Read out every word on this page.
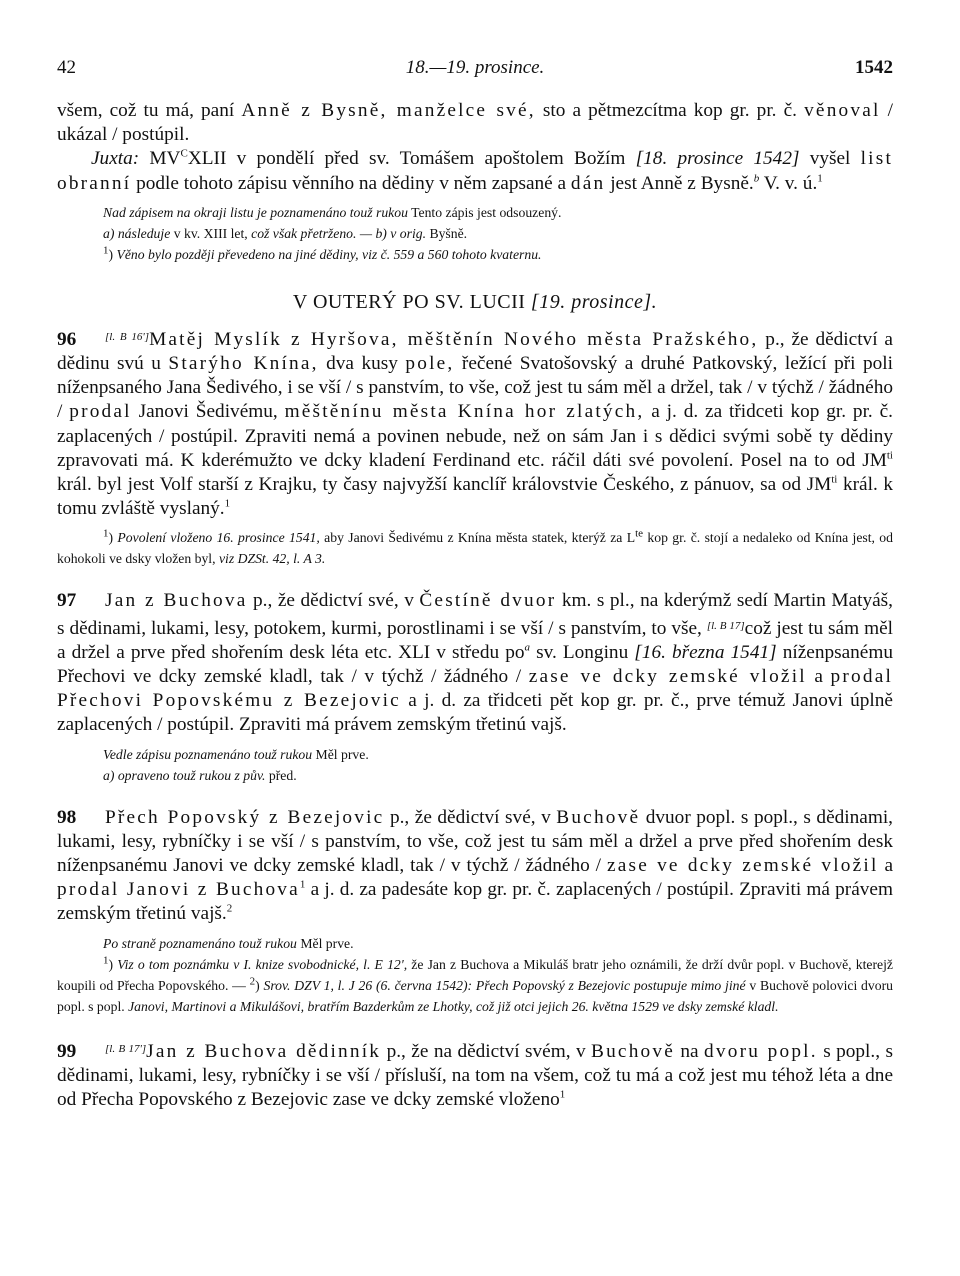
42	18.—19. prosince.	1542

všem, což tu má, paní Anně z Bysně, manželce své, sto a pětmezcítma kop gr. pr. č. věnoval / ukázal / postúpil.

Juxta: $MV^CXLII$ v pondělí před sv. Tomášem apoštolem Božím [18. prosince 1542] vyšel list obranní podle tohoto zápisu věnního na dědiny v něm zapsané a dán jest Anně z Bysně.$^b$ V. v. ú.$^1$

Nad zápisem na okraji listu je poznamenáno touž rukou Tento zápis jest odsouzený.

a) následuje v kv. XIII let, což však přetrženo. — b) v orig. Byšně.

$^1$) Věno bylo později převedeno na jiné dědiny, viz č. 559 a 560 tohoto kvaternu.

V OUTERÝ PO SV. LUCII [19. prosince].

96	[l. B 16']Matěj Myslík z Hyršova, měštěnín Nového města Pražského, p., že dědictví a dědinu svú u Starýho Knína, dva kusy pole, řečené Svatošovský a druhé Patkovský, ležící při poli níženpsaného Jana Šedivého, i se vší / s panstvím, to vše, což jest tu sám měl a držel, tak / v týchž / žádného / prodal Janovi Šedivému, měštěnínu města Knína hor zlatých, a j. d. za třidceti kop gr. pr. č. zaplacených / postúpil. Zpraviti nemá a povinen nebude, než on sám Jan i s dědici svými sobě ty dědiny zpravovati má. K kderémužto ve dcky kladení Ferdinand etc. ráčil dáti své povolení. Posel na to od $JM^{ti}$ král. byl jest Volf starší z Krajku, ty časy najvyžší kanclíř královstvie Českého, z pánuov, sa od $JM^{ti}$ král. k tomu zvláště vyslaný.$^1$

$^1$) Povolení vloženo 16. prosince 1541, aby Janovi Šedivému z Knína města statek, kterýž za $L^{te}$ kop gr. č. stojí a nedaleko od Knína jest, od kohokoli ve dsky vložen byl, viz DZSt. 42, l. A 3.

97 Jan z Buchova p., že dědictví své, v Čestíně dvuor km. s pl., na kderýmž sedí Martin Matyáš, s dědinami, lukami, lesy, potokem, kurmi, porostlinami i se vší / s panstvím, to vše, [l. B 17]což jest tu sám měl a držel a prve před shořením desk léta etc. XLI v středu $po^a$ sv. Longinu [16. března 1541] níženpsanému Přechovi ve dcky zemské kladl, tak / v týchž / žádného / zase ve dcky zemské vložil a prodal Přechovi Popovskému z Bezejovic a j. d. za třidceti pět kop gr. pr. č., prve témuž Janovi úplně zaplacených / postúpil. Zpraviti má právem zemským třetinú vajš.

Vedle zápisu poznamenáno touž rukou Měl prve.

a) opraveno touž rukou z pův. před.

98 Přech Popovský z Bezejovic p., že dědictví své, v Buchově dvuor popl. s popl., s dědinami, lukami, lesy, rybníčky i se vší / s panstvím, to vše, což jest tu sám měl a držel a prve před shořením desk níženpsanému Janovi ve dcky zemské kladl, tak / v týchž / žádného / zase ve dcky zemské vložil a prodal Janovi z Buchova$^1$ a j. d. za padesáte kop gr. pr. č. zaplacených / postúpil. Zpraviti má právem zemským třetinú vajš.$^2$

Po straně poznamenáno touž rukou Měl prve.

$^1$) Viz o tom poznámku v I. knize svobodnické, l. E 12', že Jan z Buchova a Mikuláš bratr jeho oznámili, že drží dvůr popl. v Buchově, kterejž koupili od Přecha Popovského. — $^2$) Srov. DZV 1, l. J 26 (6. června 1542): Přech Popovský z Bezejovic postupuje mimo jiné v Buchově polovici dvoru popl. s popl. Janovi, Martinovi a Mikulášovi, bratřím Bazderkům ze Lhotky, což již otci jejich 26. května 1529 ve dsky zemské kladl.

99	[l. B 17']Jan z Buchova dědinník p., že na dědictví svém, v Buchově na dvoru popl. s popl., s dědinami, lukami, lesy, rybníčky i se vší / přísluší, na tom na všem, což tu má a což jest mu téhož léta a dne od Přecha Popovského z Bezejovic zase ve dcky zemské vloženo$^1$
